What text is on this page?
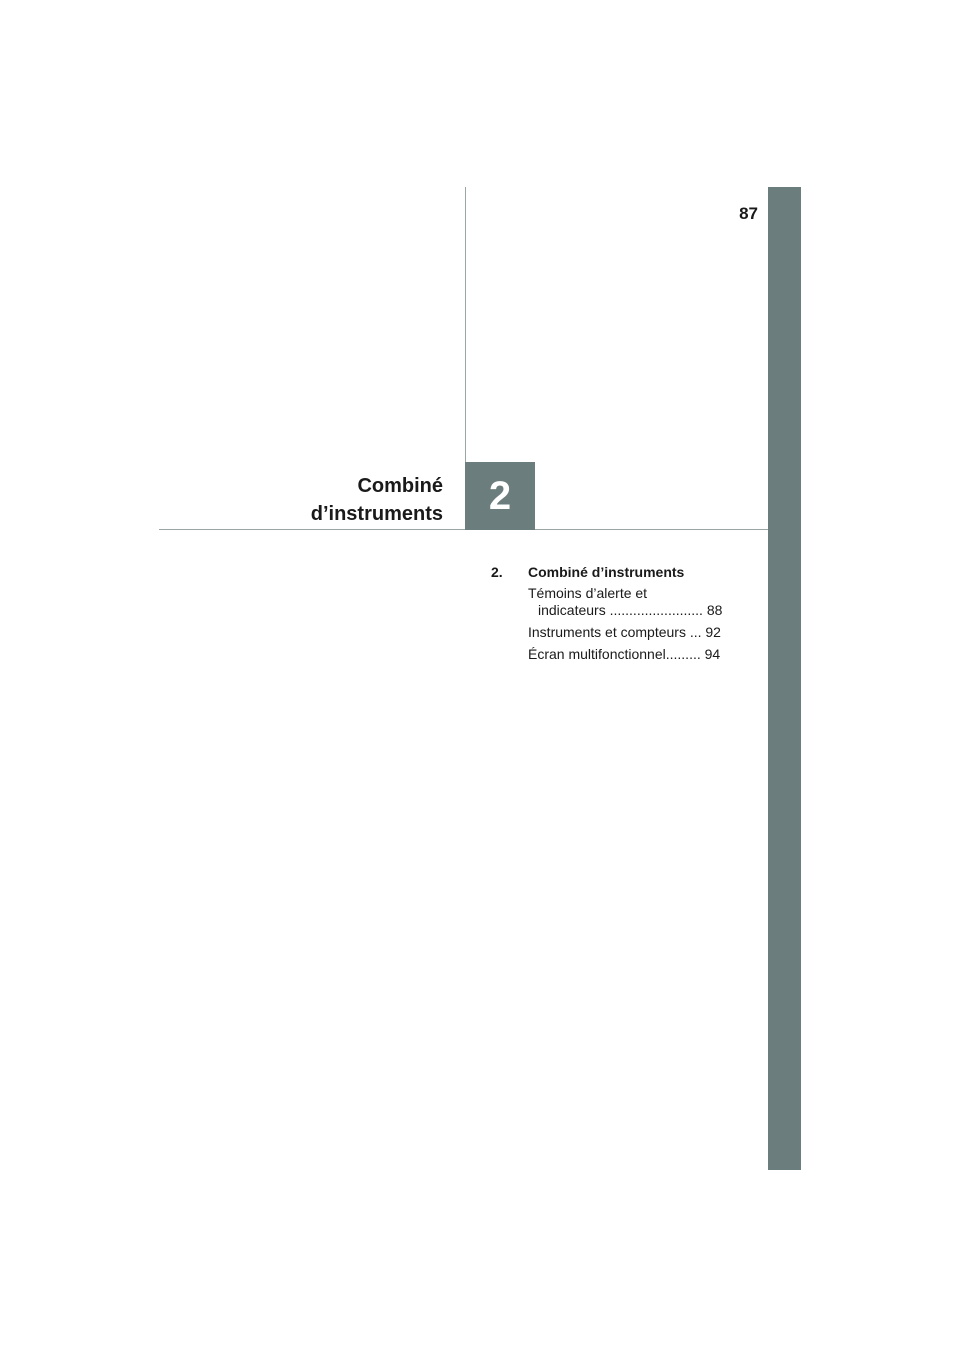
87
Combiné
d’instruments	2
2.	Combiné d’instruments
Témoins d’alerte et
indicateurs ........................ 88
Instruments et compteurs ... 92
Écran multifonctionnel......... 94
